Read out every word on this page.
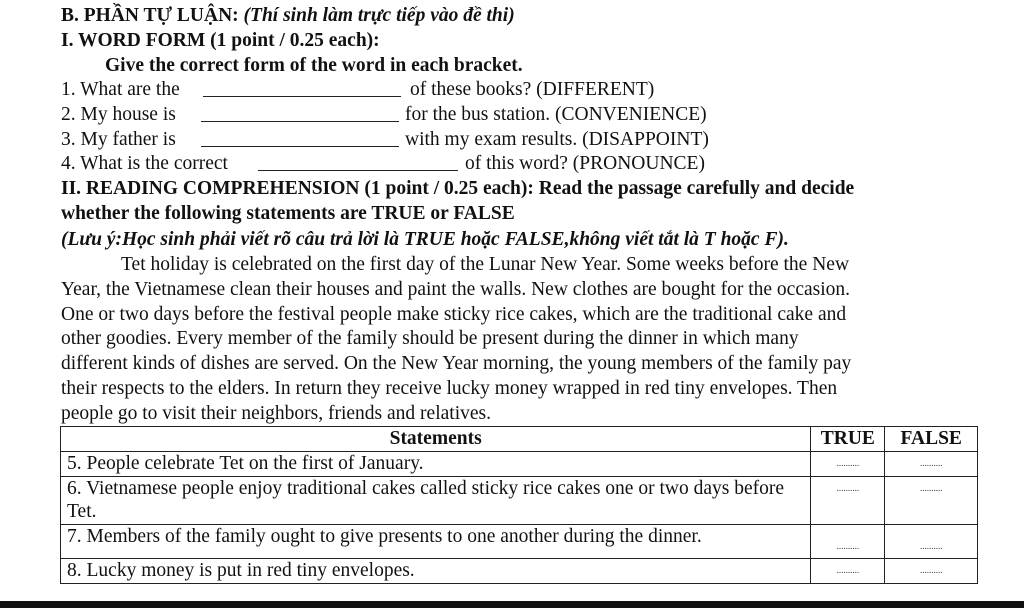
B. PHẦN TỰ LUẬN: (Thí sinh làm trực tiếp vào đề thi)
I. WORD FORM (1 point / 0.25 each):
Give the correct form of the word in each bracket.
1. What are the	of these books? (DIFFERENT)
2. My house is	for the bus station. (CONVENIENCE)
3. My father is	with my exam results. (DISAPPOINT)
4. What is the correct	of this word? (PRONOUNCE)
II. READING COMPREHENSION (1 point / 0.25 each): Read the passage carefully and decide
whether the following statements are TRUE or FALSE
(Lưu ý:Học sinh phải viết rõ câu trả lời là TRUE hoặc FALSE,không viết tắt là T hoặc F).
Tet holiday is celebrated on the first day of the Lunar New Year. Some weeks before the New
Year, the Vietnamese clean their houses and paint the walls. New clothes are bought for the occasion.
One or two days before the festival people make sticky rice cakes, which are the traditional cake and
other goodies. Every member of the family should be present during the dinner in which many
different kinds of dishes are served. On the New Year morning, the young members of the family pay
their respects to the elders. In return they receive lucky money wrapped in red tiny envelopes. Then
people go to visit their neighbors, friends and relatives.
Statements	TRUE	FALSE
5. People celebrate Tet on the first of January.	..........	..........

6. Vietnamese people enjoy traditional cakes called sticky rice cakes one or two days before Tet.	..........	..........

7. Members of the family ought to give presents to one another during the dinner.	..........	..........

8. Lucky money is put in red tiny envelopes.	..........	..........
